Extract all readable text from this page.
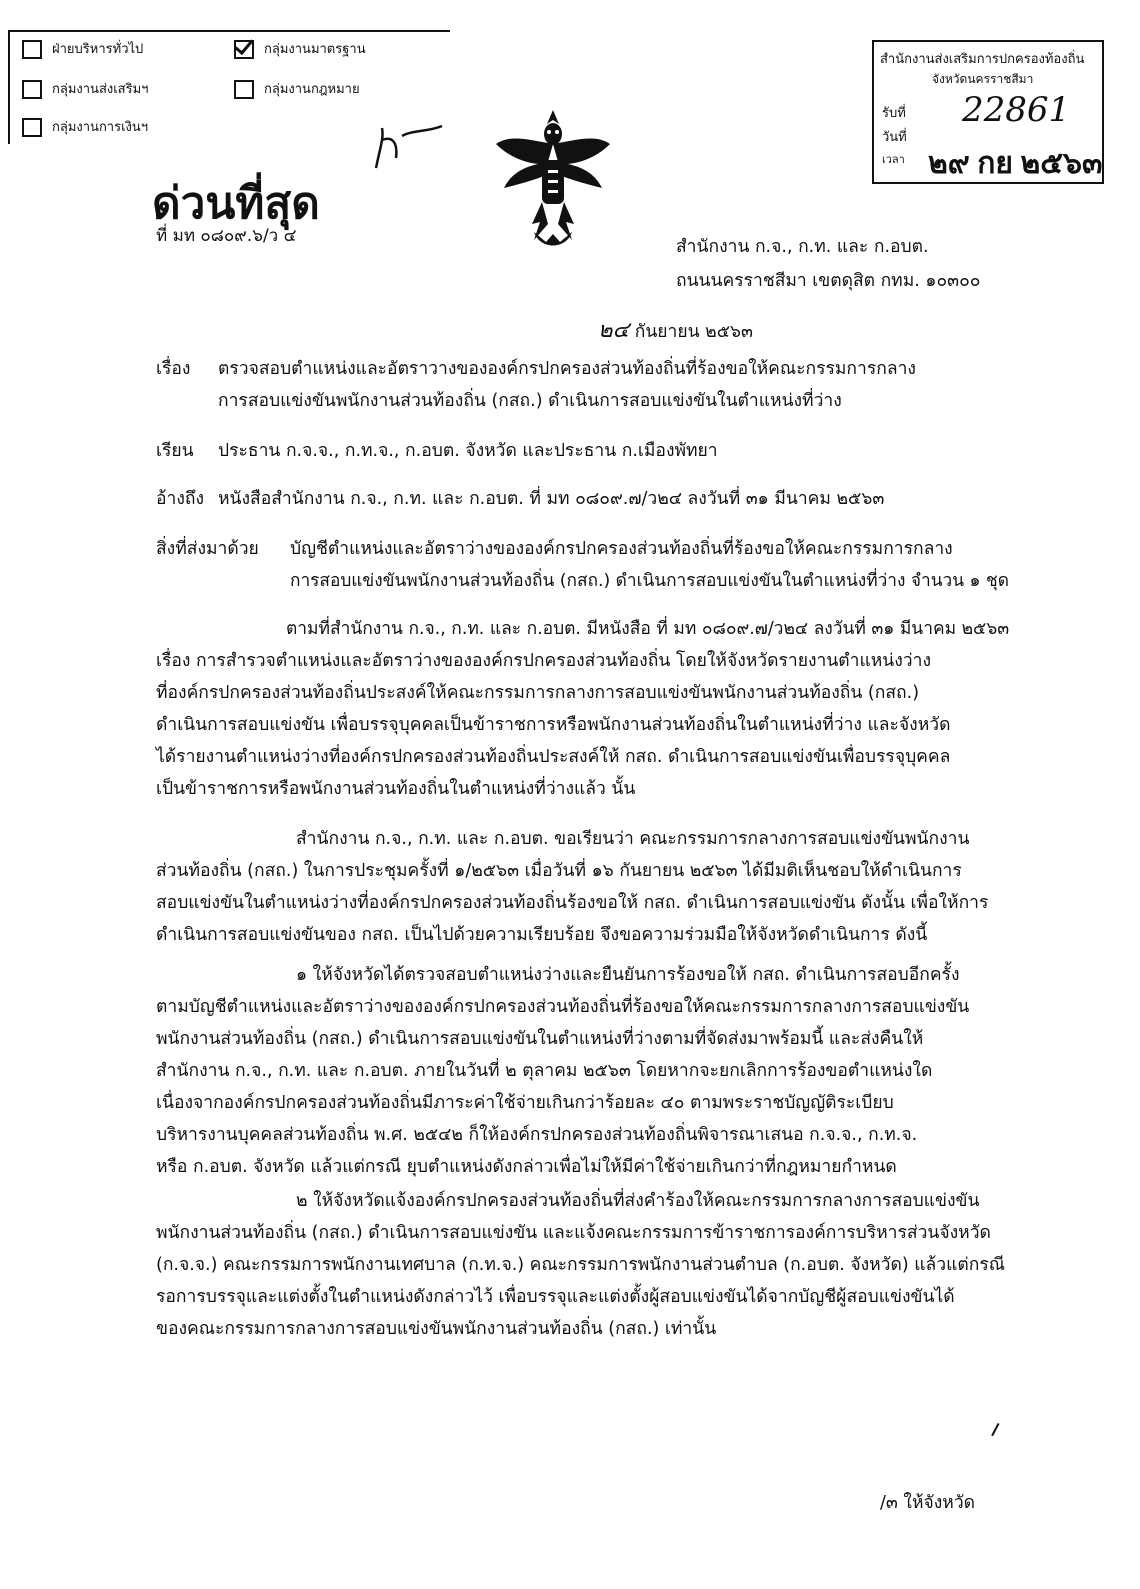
ฝ่ายบริหารทั่วไป	กลุ่มงานมาตรฐาน
กลุ่มงานส่งเสริมฯ	กลุ่มงานกฎหมาย
กลุ่มงานการเงินฯ
สำนักงานส่งเสริมการปกครองท้องถิ่น
จังหวัดนครราชสีมา
รับที่ 22861
วันที่
เวลา ๒๙ กย ๒๕๖๓
ด่วนที่สุด
ที่ มท ๐๘๐๙.๖/ว ๔
สำนักงาน ก.จ., ก.ท. และ ก.อบต.
ถนนนครราชสีมา เขตดุสิต กทม. ๑๐๓๐๐
๒๔ กันยายน ๒๕๖๓
เรื่อง ตรวจสอบตำแหน่งและอัตราวางขององค์กรปกครองส่วนท้องถิ่นที่ร้องขอให้คณะกรรมการกลาง
การสอบแข่งขันพนักงานส่วนท้องถิ่น (กสถ.) ดำเนินการสอบแข่งขันในตำแหน่งที่ว่าง
เรียน ประธาน ก.จ.จ., ก.ท.จ., ก.อบต. จังหวัด และประธาน ก.เมืองพัทยา
อ้างถึง หนังสือสำนักงาน ก.จ., ก.ท. และ ก.อบต. ที่ มท ๐๘๐๙.๗/ว๒๔ ลงวันที่ ๓๑ มีนาคม ๒๕๖๓
สิ่งที่ส่งมาด้วย บัญชีตำแหน่งและอัตราว่างขององค์กรปกครองส่วนท้องถิ่นที่ร้องขอให้คณะกรรมการกลาง
การสอบแข่งขันพนักงานส่วนท้องถิ่น (กสถ.) ดำเนินการสอบแข่งขันในตำแหน่งที่ว่าง จำนวน ๑ ชุด
ตามที่สำนักงาน ก.จ., ก.ท. และ ก.อบต. มีหนังสือ ที่ มท ๐๘๐๙.๗/ว๒๔ ลงวันที่ ๓๑ มีนาคม ๒๕๖๓
เรื่อง การสำรวจตำแหน่งและอัตราว่างขององค์กรปกครองส่วนท้องถิ่น โดยให้จังหวัดรายงานตำแหน่งว่าง
ที่องค์กรปกครองส่วนท้องถิ่นประสงค์ให้คณะกรรมการกลางการสอบแข่งขันพนักงานส่วนท้องถิ่น (กสถ.)
ดำเนินการสอบแข่งขัน เพื่อบรรจุบุคคลเป็นข้าราชการหรือพนักงานส่วนท้องถิ่นในตำแหน่งที่ว่าง และจังหวัด
ได้รายงานตำแหน่งว่างที่องค์กรปกครองส่วนท้องถิ่นประสงค์ให้ กสถ. ดำเนินการสอบแข่งขันเพื่อบรรจุบุคคล
เป็นข้าราชการหรือพนักงานส่วนท้องถิ่นในตำแหน่งที่ว่างแล้ว นั้น
สำนักงาน ก.จ., ก.ท. และ ก.อบต. ขอเรียนว่า คณะกรรมการกลางการสอบแข่งขันพนักงาน
ส่วนท้องถิ่น (กสถ.) ในการประชุมครั้งที่ ๑/๒๕๖๓ เมื่อวันที่ ๑๖ กันยายน ๒๕๖๓ ได้มีมติเห็นชอบให้ดำเนินการ
สอบแข่งขันในตำแหน่งว่างที่องค์กรปกครองส่วนท้องถิ่นร้องขอให้ กสถ. ดำเนินการสอบแข่งขัน ดังนั้น เพื่อให้การ
ดำเนินการสอบแข่งขันของ กสถ. เป็นไปด้วยความเรียบร้อย จึงขอความร่วมมือให้จังหวัดดำเนินการ ดังนี้
๑ ให้จังหวัดได้ตรวจสอบตำแหน่งว่างและยืนยันการร้องขอให้ กสถ. ดำเนินการสอบอีกครั้ง
ตามบัญชีตำแหน่งและอัตราว่างขององค์กรปกครองส่วนท้องถิ่นที่ร้องขอให้คณะกรรมการกลางการสอบแข่งขัน
พนักงานส่วนท้องถิ่น (กสถ.) ดำเนินการสอบแข่งขันในตำแหน่งที่ว่างตามที่จัดส่งมาพร้อมนี้ และส่งคืนให้
สำนักงาน ก.จ., ก.ท. และ ก.อบต. ภายในวันที่ ๒ ตุลาคม ๒๕๖๓ โดยหากจะยกเลิกการร้องขอตำแหน่งใด
เนื่องจากองค์กรปกครองส่วนท้องถิ่นมีภาระค่าใช้จ่ายเกินกว่าร้อยละ ๔๐ ตามพระราชบัญญัติระเบียบ
บริหารงานบุคคลส่วนท้องถิ่น พ.ศ. ๒๕๔๒ ก็ให้องค์กรปกครองส่วนท้องถิ่นพิจารณาเสนอ ก.จ.จ., ก.ท.จ.
หรือ ก.อบต. จังหวัด แล้วแต่กรณี ยุบตำแหน่งดังกล่าวเพื่อไม่ให้มีค่าใช้จ่ายเกินกว่าที่กฎหมายกำหนด
๒ ให้จังหวัดแจ้งองค์กรปกครองส่วนท้องถิ่นที่ส่งคำร้องให้คณะกรรมการกลางการสอบแข่งขัน
พนักงานส่วนท้องถิ่น (กสถ.) ดำเนินการสอบแข่งขัน และแจ้งคณะกรรมการข้าราชการองค์การบริหารส่วนจังหวัด
(ก.จ.จ.) คณะกรรมการพนักงานเทศบาล (ก.ท.จ.) คณะกรรมการพนักงานส่วนตำบล (ก.อบต. จังหวัด) แล้วแต่กรณี
รอการบรรจุและแต่งตั้งในตำแหน่งดังกล่าวไว้ เพื่อบรรจุและแต่งตั้งผู้สอบแข่งขันได้จากบัญชีผู้สอบแข่งขันได้
ของคณะกรรมการกลางการสอบแข่งขันพนักงานส่วนท้องถิ่น (กสถ.) เท่านั้น
/๓ ให้จังหวัด
